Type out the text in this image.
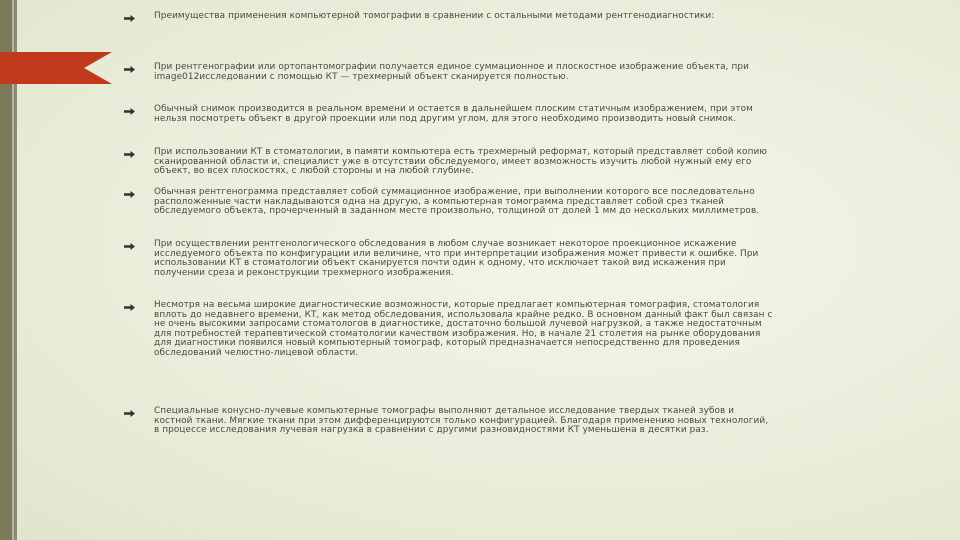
Преимущества применения компьютерной томографии в сравнении с остальными методами рентгенодиагностики:
При рентгенографии или ортопантомографии получается единое суммационное и плоскостное изображение объекта, при image012исследовании с помощью КТ — трехмерный объект сканируется полностью.
Обычный снимок производится в реальном времени и остается в дальнейшем плоским статичным изображением, при этом нельзя посмотреть объект в другой проекции или под другим углом, для этого необходимо производить новый снимок.
При использовании КТ в стоматологии, в памяти компьютера есть трехмерный реформат, который представляет собой копию сканированной области и, специалист уже в отсутствии обследуемого, имеет возможность изучить любой нужный ему его объект, во всех плоскостях, с любой стороны и на любой глубине.
Обычная рентгенограмма представляет собой суммационное изображение, при выполнении которого все последовательно расположенные части накладываются одна на другую, а компьютерная томограмма представляет собой срез тканей обследуемого объекта, прочерченный в заданном месте произвольно, толщиной от долей 1 мм до нескольких миллиметров.
При осуществлении рентгенологического обследования в любом случае возникает некоторое проекционное искажение исследуемого объекта по конфигурации или величине, что при интерпретации изображения может привести к ошибке. При использовании КТ в стоматологии объект сканируется почти один к одному, что исключает такой вид искажения при получении среза и реконструкции трехмерного изображения.
Несмотря на весьма широкие диагностические возможности, которые предлагает компьютерная томография, стоматология вплоть до недавнего времени, КТ, как метод обследования, использовала крайне редко. В основном данный факт был связан с не очень высокими запросами стоматологов в диагностике, достаточно большой лучевой нагрузкой, а также недостаточным для потребностей терапевтической стоматологии качеством изображения. Но, в начале 21 столетия на рынке оборудования для диагностики появился новый компьютерный томограф, который предназначается непосредственно для проведения обследований челюстно-лицевой области.
Специальные конусно-лучевые компьютерные томографы выполняют детальное исследование твердых тканей зубов и костной ткани. Мягкие ткани при этом дифференцируются только конфигурацией. Благодаря применению новых технологий, в процессе исследования лучевая нагрузка в сравнении с другими разновидностями КТ уменьшена в десятки раз.
